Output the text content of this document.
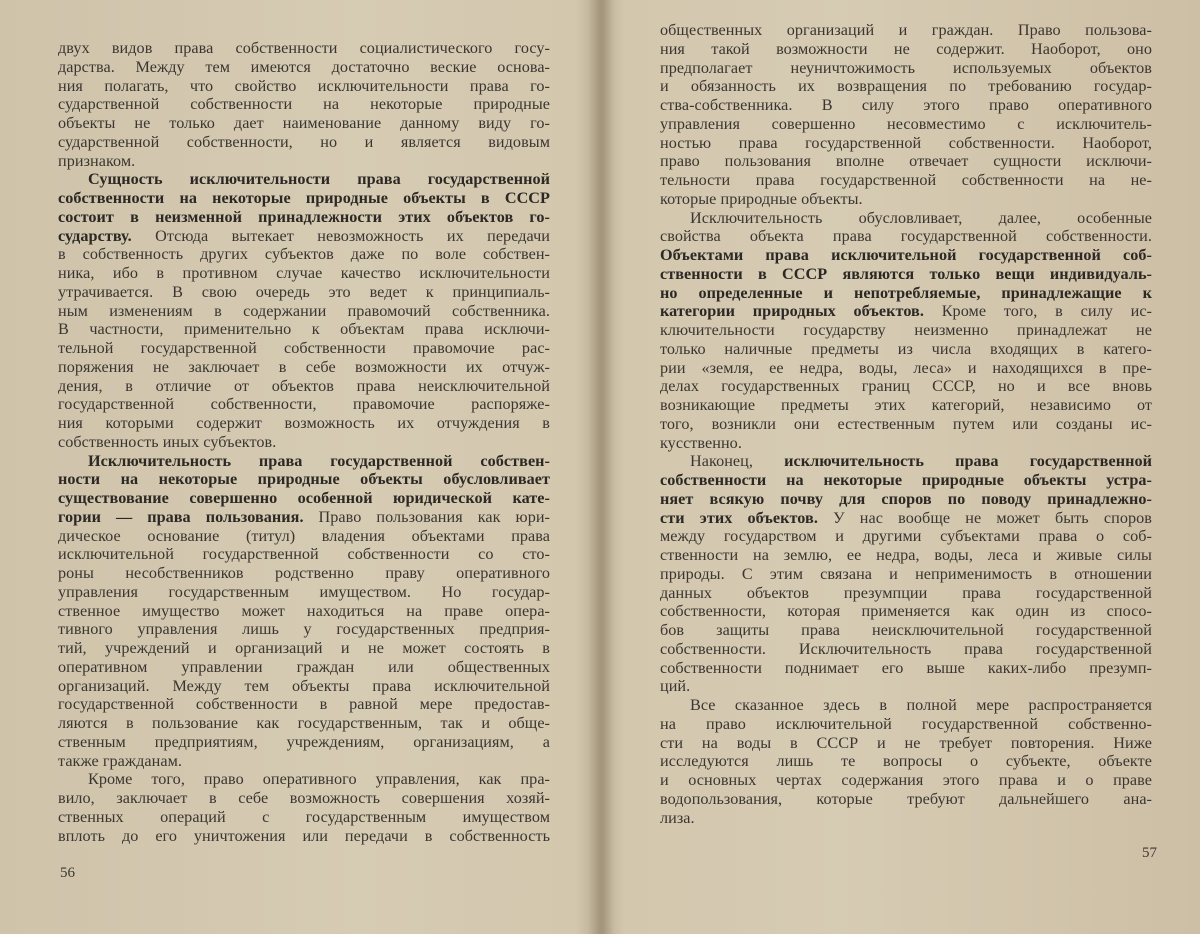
двух видов права собственности социалистического госу-
дарства. Между тем имеются достаточно веские основа-
ния полагать, что свойство исключительности права го-
сударственной собственности на некоторые природные
объекты не только дает наименование данному виду го-
сударственной собственности, но и является видовым
признаком.
Сущность исключительности права государственной
собственности на некоторые природные объекты в СССР
состоит в неизменной принадлежности этих объектов го-
сударству. Отсюда вытекает невозможность их передачи
в собственность других субъектов даже по воле собствен-
ника, ибо в противном случае качество исключительности
утрачивается. В свою очередь это ведет к принципиаль-
ным изменениям в содержании правомочий собственника.
В частности, применительно к объектам права исключи-
тельной государственной собственности правомочие рас-
поряжения не заключает в себе возможности их отчуж-
дения, в отличие от объектов права неисключительной
государственной собственности, правомочие распоряже-
ния которыми содержит возможность их отчуждения в
собственность иных субъектов.
Исключительность права государственной собствен-
ности на некоторые природные объекты обусловливает
существование совершенно особенной юридической кате-
гории — права пользования. Право пользования как юри-
дическое основание (титул) владения объектами права
исключительной государственной собственности со сто-
роны несобственников родственно праву оперативного
управления государственным имуществом. Но государ-
ственное имущество может находиться на праве опера-
тивного управления лишь у государственных предприя-
тий, учреждений и организаций и не может состоять в
оперативном управлении граждан или общественных
организаций. Между тем объекты права исключительной
государственной собственности в равной мере предостав-
ляются в пользование как государственным, так и обще-
ственным предприятиям, учреждениям, организациям, а
также гражданам.
Кроме того, право оперативного управления, как пра-
вило, заключает в себе возможность совершения хозяй-
ственных операций с государственным имуществом
вплоть до его уничтожения или передачи в собственность
56
общественных организаций и граждан. Право пользова-
ния такой возможности не содержит. Наоборот, оно
предполагает неуничтожимость используемых объектов
и обязанность их возвращения по требованию государ-
ства-собственника. В силу этого право оперативного
управления совершенно несовместимо с исключитель-
ностью права государственной собственности. Наоборот,
право пользования вполне отвечает сущности исключи-
тельности права государственной собственности на не-
которые природные объекты.
Исключительность обусловливает, далее, особенные
свойства объекта права государственной собственности.
Объектами права исключительной государственной соб-
ственности в СССР являются только вещи индивидуаль-
но определенные и непотребляемые, принадлежащие к
категории природных объектов. Кроме того, в силу ис-
ключительности государству неизменно принадлежат не
только наличные предметы из числа входящих в катего-
рии «земля, ее недра, воды, леса» и находящихся в пре-
делах государственных границ СССР, но и все вновь
возникающие предметы этих категорий, независимо от
того, возникли они естественным путем или созданы ис-
кусственно.
Наконец, исключительность права государственной
собственности на некоторые природные объекты устра-
няет всякую почву для споров по поводу принадлежно-
сти этих объектов. У нас вообще не может быть споров
между государством и другими субъектами права о соб-
ственности на землю, ее недра, воды, леса и живые силы
природы. С этим связана и неприменимость в отношении
данных объектов презумпции права государственной
собственности, которая применяется как один из спосо-
бов защиты права неисключительной государственной
собственности. Исключительность права государственной
собственности поднимает его выше каких-либо презумп-
ций.
Все сказанное здесь в полной мере распространяется
на право исключительной государственной собственно-
сти на воды в СССР и не требует повторения. Ниже
исследуются лишь те вопросы о субъекте, объекте
и основных чертах содержания этого права и о праве
водопользования, которые требуют дальнейшего ана-
лиза.
57
